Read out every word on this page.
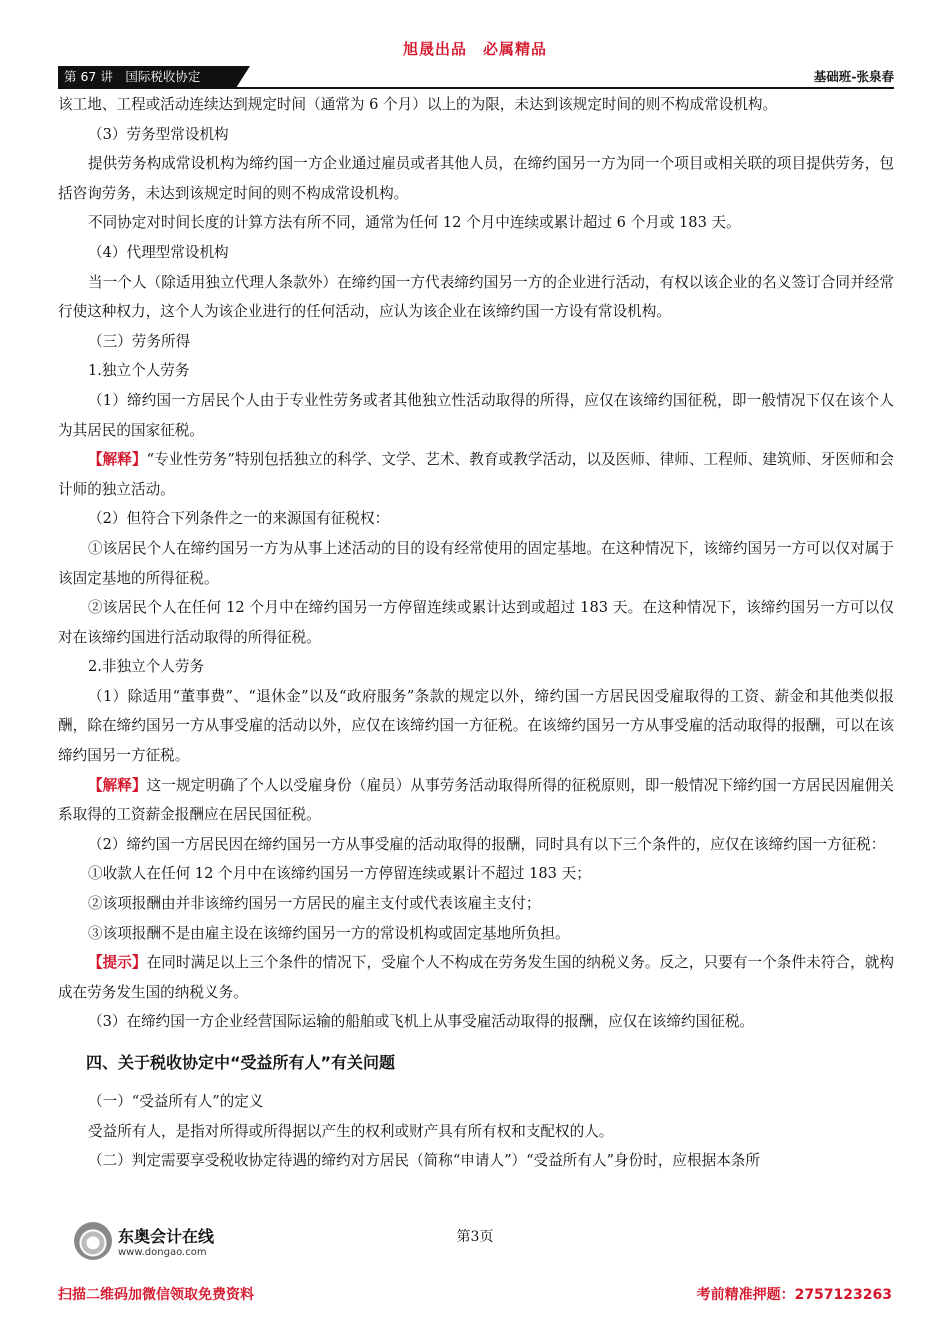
旭晟出品　必属精品
第 67 讲　国际税收协定	基础班-张泉春

该工地、工程或活动连续达到规定时间（通常为 6 个月）以上的为限，未达到该规定时间的则不构成常设机构。

（3）劳务型常设机构

提供劳务构成常设机构为缔约国一方企业通过雇员或者其他人员，在缔约国另一方为同一个项目或相关联的项目提供劳务，包括咨询劳务，未达到该规定时间的则不构成常设机构。

不同协定对时间长度的计算方法有所不同，通常为任何 12 个月中连续或累计超过 6 个月或 183 天。

（4）代理型常设机构

当一个人（除适用独立代理人条款外）在缔约国一方代表缔约国另一方的企业进行活动，有权以该企业的名义签订合同并经常行使这种权力，这个人为该企业进行的任何活动，应认为该企业在该缔约国一方设有常设机构。

（三）劳务所得

1.独立个人劳务

（1）缔约国一方居民个人由于专业性劳务或者其他独立性活动取得的所得，应仅在该缔约国征税，即一般情况下仅在该个人为其居民的国家征税。

【解释】“专业性劳务”特别包括独立的科学、文学、艺术、教育或教学活动，以及医师、律师、工程师、建筑师、牙医师和会计师的独立活动。

（2）但符合下列条件之一的来源国有征税权：

①该居民个人在缔约国另一方为从事上述活动的目的设有经常使用的固定基地。在这种情况下，该缔约国另一方可以仅对属于该固定基地的所得征税。

②该居民个人在任何 12 个月中在缔约国另一方停留连续或累计达到或超过 183 天。在这种情况下，该缔约国另一方可以仅对在该缔约国进行活动取得的所得征税。

2.非独立个人劳务

（1）除适用“董事费”、“退休金”以及“政府服务”条款的规定以外，缔约国一方居民因受雇取得的工资、薪金和其他类似报酬，除在缔约国另一方从事受雇的活动以外，应仅在该缔约国一方征税。在该缔约国另一方从事受雇的活动取得的报酬，可以在该缔约国另一方征税。

【解释】这一规定明确了个人以受雇身份（雇员）从事劳务活动取得所得的征税原则，即一般情况下缔约国一方居民因雇佣关系取得的工资薪金报酬应在居民国征税。

（2）缔约国一方居民因在缔约国另一方从事受雇的活动取得的报酬，同时具有以下三个条件的，应仅在该缔约国一方征税：

①收款人在任何 12 个月中在该缔约国另一方停留连续或累计不超过 183 天；

②该项报酬由并非该缔约国另一方居民的雇主支付或代表该雇主支付；

③该项报酬不是由雇主设在该缔约国另一方的常设机构或固定基地所负担。

【提示】在同时满足以上三个条件的情况下，受雇个人不构成在劳务发生国的纳税义务。反之，只要有一个条件未符合，就构成在劳务发生国的纳税义务。

（3）在缔约国一方企业经营国际运输的船舶或飞机上从事受雇活动取得的报酬，应仅在该缔约国征税。

四、关于税收协定中“受益所有人”有关问题

（一）“受益所有人”的定义

受益所有人，是指对所得或所得据以产生的权利或财产具有所有权和支配权的人。

（二）判定需要享受税收协定待遇的缔约对方居民（简称“申请人”）“受益所有人”身份时，应根据本条所

东奥会计在线
www.dongao.com
第3页
扫描二维码加微信领取免费资料	考前精准押题：2757123263
